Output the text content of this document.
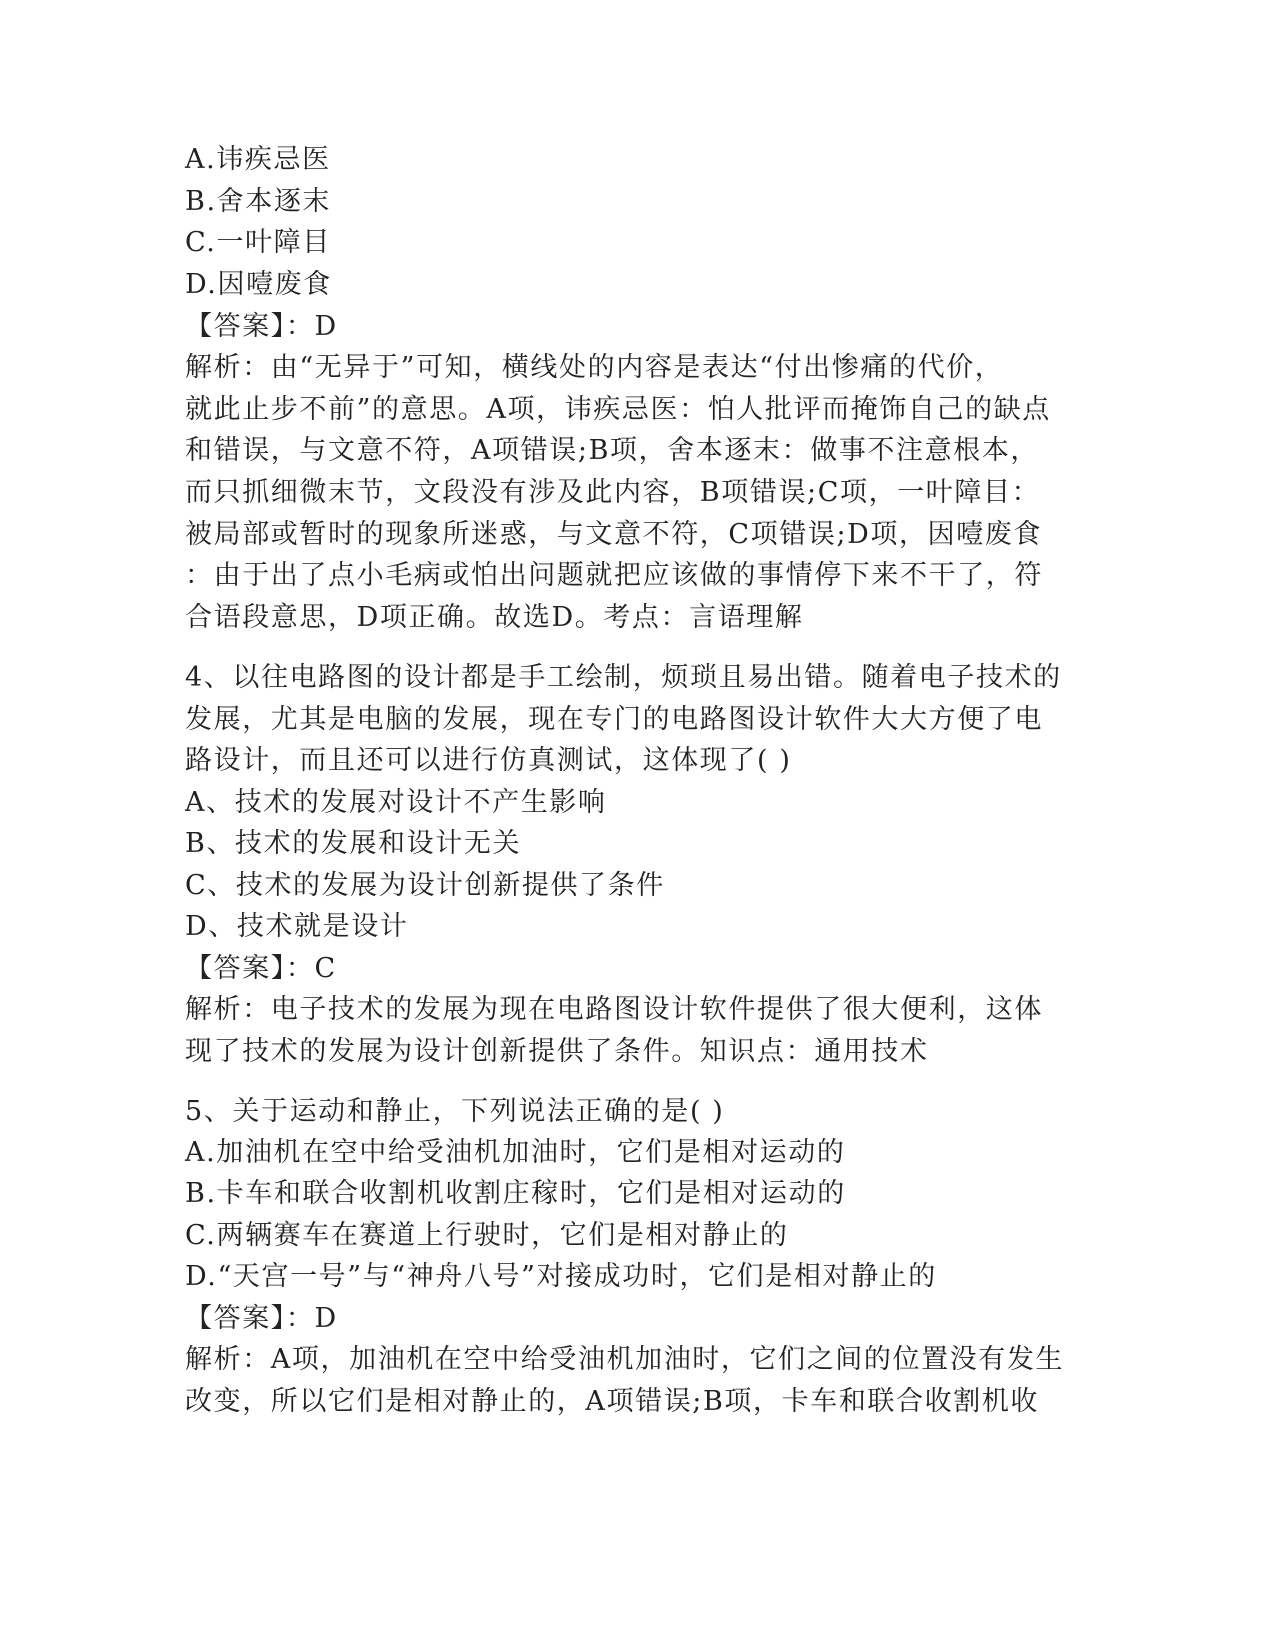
A.讳疾忌医
B.舍本逐末
C.一叶障目
D.因噎废食
【答案】：D
解析：由“无异于”可知，横线处的内容是表达“付出惨痛的代价，
就此止步不前”的意思。A项，讳疾忌医：怕人批评而掩饰自己的缺点
和错误，与文意不符，A项错误;B项，舍本逐末：做事不注意根本，
而只抓细微末节，文段没有涉及此内容，B项错误;C项，一叶障目：
被局部或暂时的现象所迷惑，与文意不符，C项错误;D项，因噎废食
：由于出了点小毛病或怕出问题就把应该做的事情停下来不干了，符
合语段意思，D项正确。故选D。考点：言语理解
4、以往电路图的设计都是手工绘制，烦琐且易出错。随着电子技术的
发展，尤其是电脑的发展，现在专门的电路图设计软件大大方便了电
路设计，而且还可以进行仿真测试，这体现了( )
A、技术的发展对设计不产生影响
B、技术的发展和设计无关
C、技术的发展为设计创新提供了条件
D、技术就是设计
【答案】：C
解析：电子技术的发展为现在电路图设计软件提供了很大便利，这体
现了技术的发展为设计创新提供了条件。知识点：通用技术
5、关于运动和静止，下列说法正确的是( )
A.加油机在空中给受油机加油时，它们是相对运动的
B.卡车和联合收割机收割庄稼时，它们是相对运动的
C.两辆赛车在赛道上行驶时，它们是相对静止的
D.“天宫一号”与“神舟八号”对接成功时，它们是相对静止的
【答案】：D
解析：A项，加油机在空中给受油机加油时，它们之间的位置没有发生
改变，所以它们是相对静止的，A项错误;B项，卡车和联合收割机收
